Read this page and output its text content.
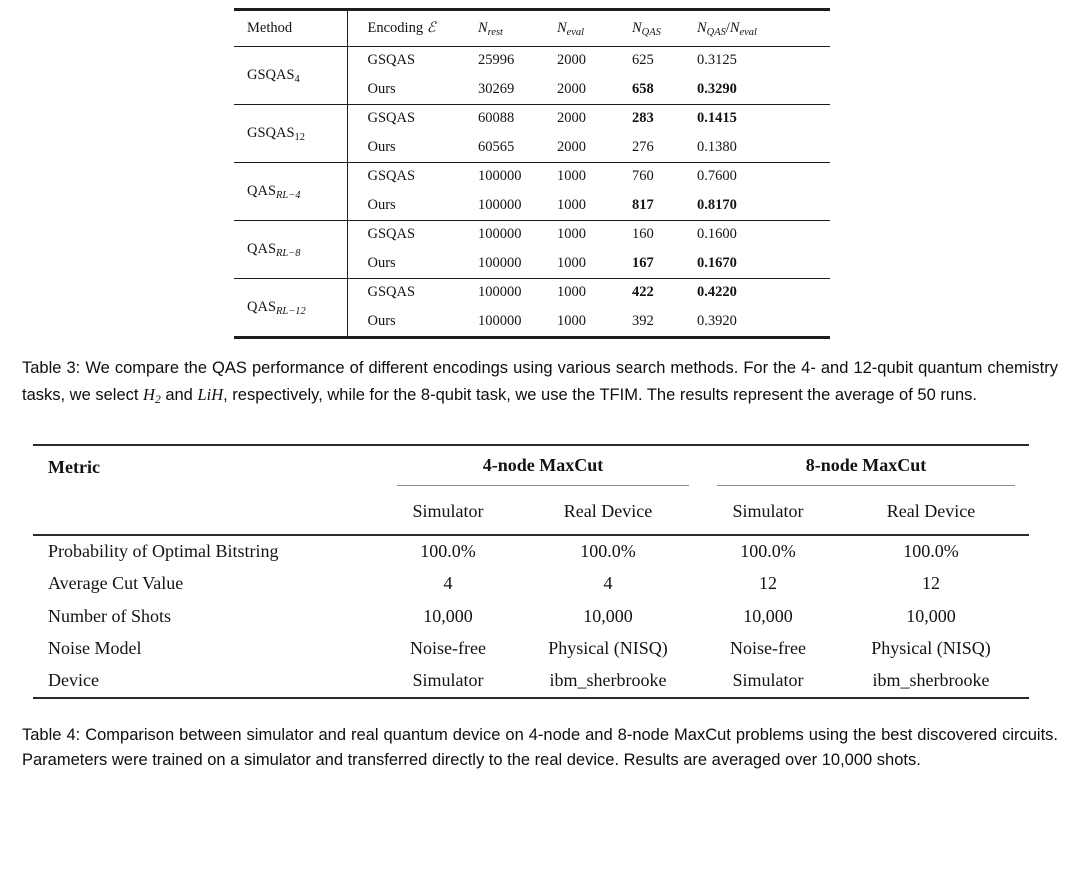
Method	Encoding ℰ	$N_{rest}$	$N_{eval}$	$N_{QAS}$	$N_{QAS}/N_{eval}$
$GSQAS_4$	GSQAS	25996	2000	625	0.3125
	Ours	30269	2000	658	0.3290
$GSQAS_{12}$	GSQAS	60088	2000	283	0.1415
	Ours	60565	2000	276	0.1380
$QAS_{RL-4}$	GSQAS	100000	1000	760	0.7600
	Ours	100000	1000	817	0.8170
$QAS_{RL-8}$	GSQAS	100000	1000	160	0.1600
	Ours	100000	1000	167	0.1670
$QAS_{RL-12}$	GSQAS	100000	1000	422	0.4220
	Ours	100000	1000	392	0.3920

Table 3: We compare the QAS performance of different encodings using various search methods. For the 4- and 12-qubit quantum chemistry tasks, we select $H_2$ and LiH, respectively, while for the 8-qubit task, we use the TFIM. The results represent the average of 50 runs.

Metric	4-node MaxCut		8-node MaxCut	

	Simulator	Real Device	Simulator	Real Device
Probability of Optimal Bitstring	100.0%	100.0%	100.0%	100.0%
Average Cut Value	4	4	12	12
Number of Shots	10,000	10,000	10,000	10,000
Noise Model	Noise-free	Physical (NISQ)	Noise-free	Physical (NISQ)
Device	Simulator	ibm_sherbrooke	Simulator	ibm_sherbrooke

Table 4: Comparison between simulator and real quantum device on 4-node and 8-node MaxCut problems using the best discovered circuits. Parameters were trained on a simulator and transferred directly to the real device. Results are averaged over 10,000 shots.
